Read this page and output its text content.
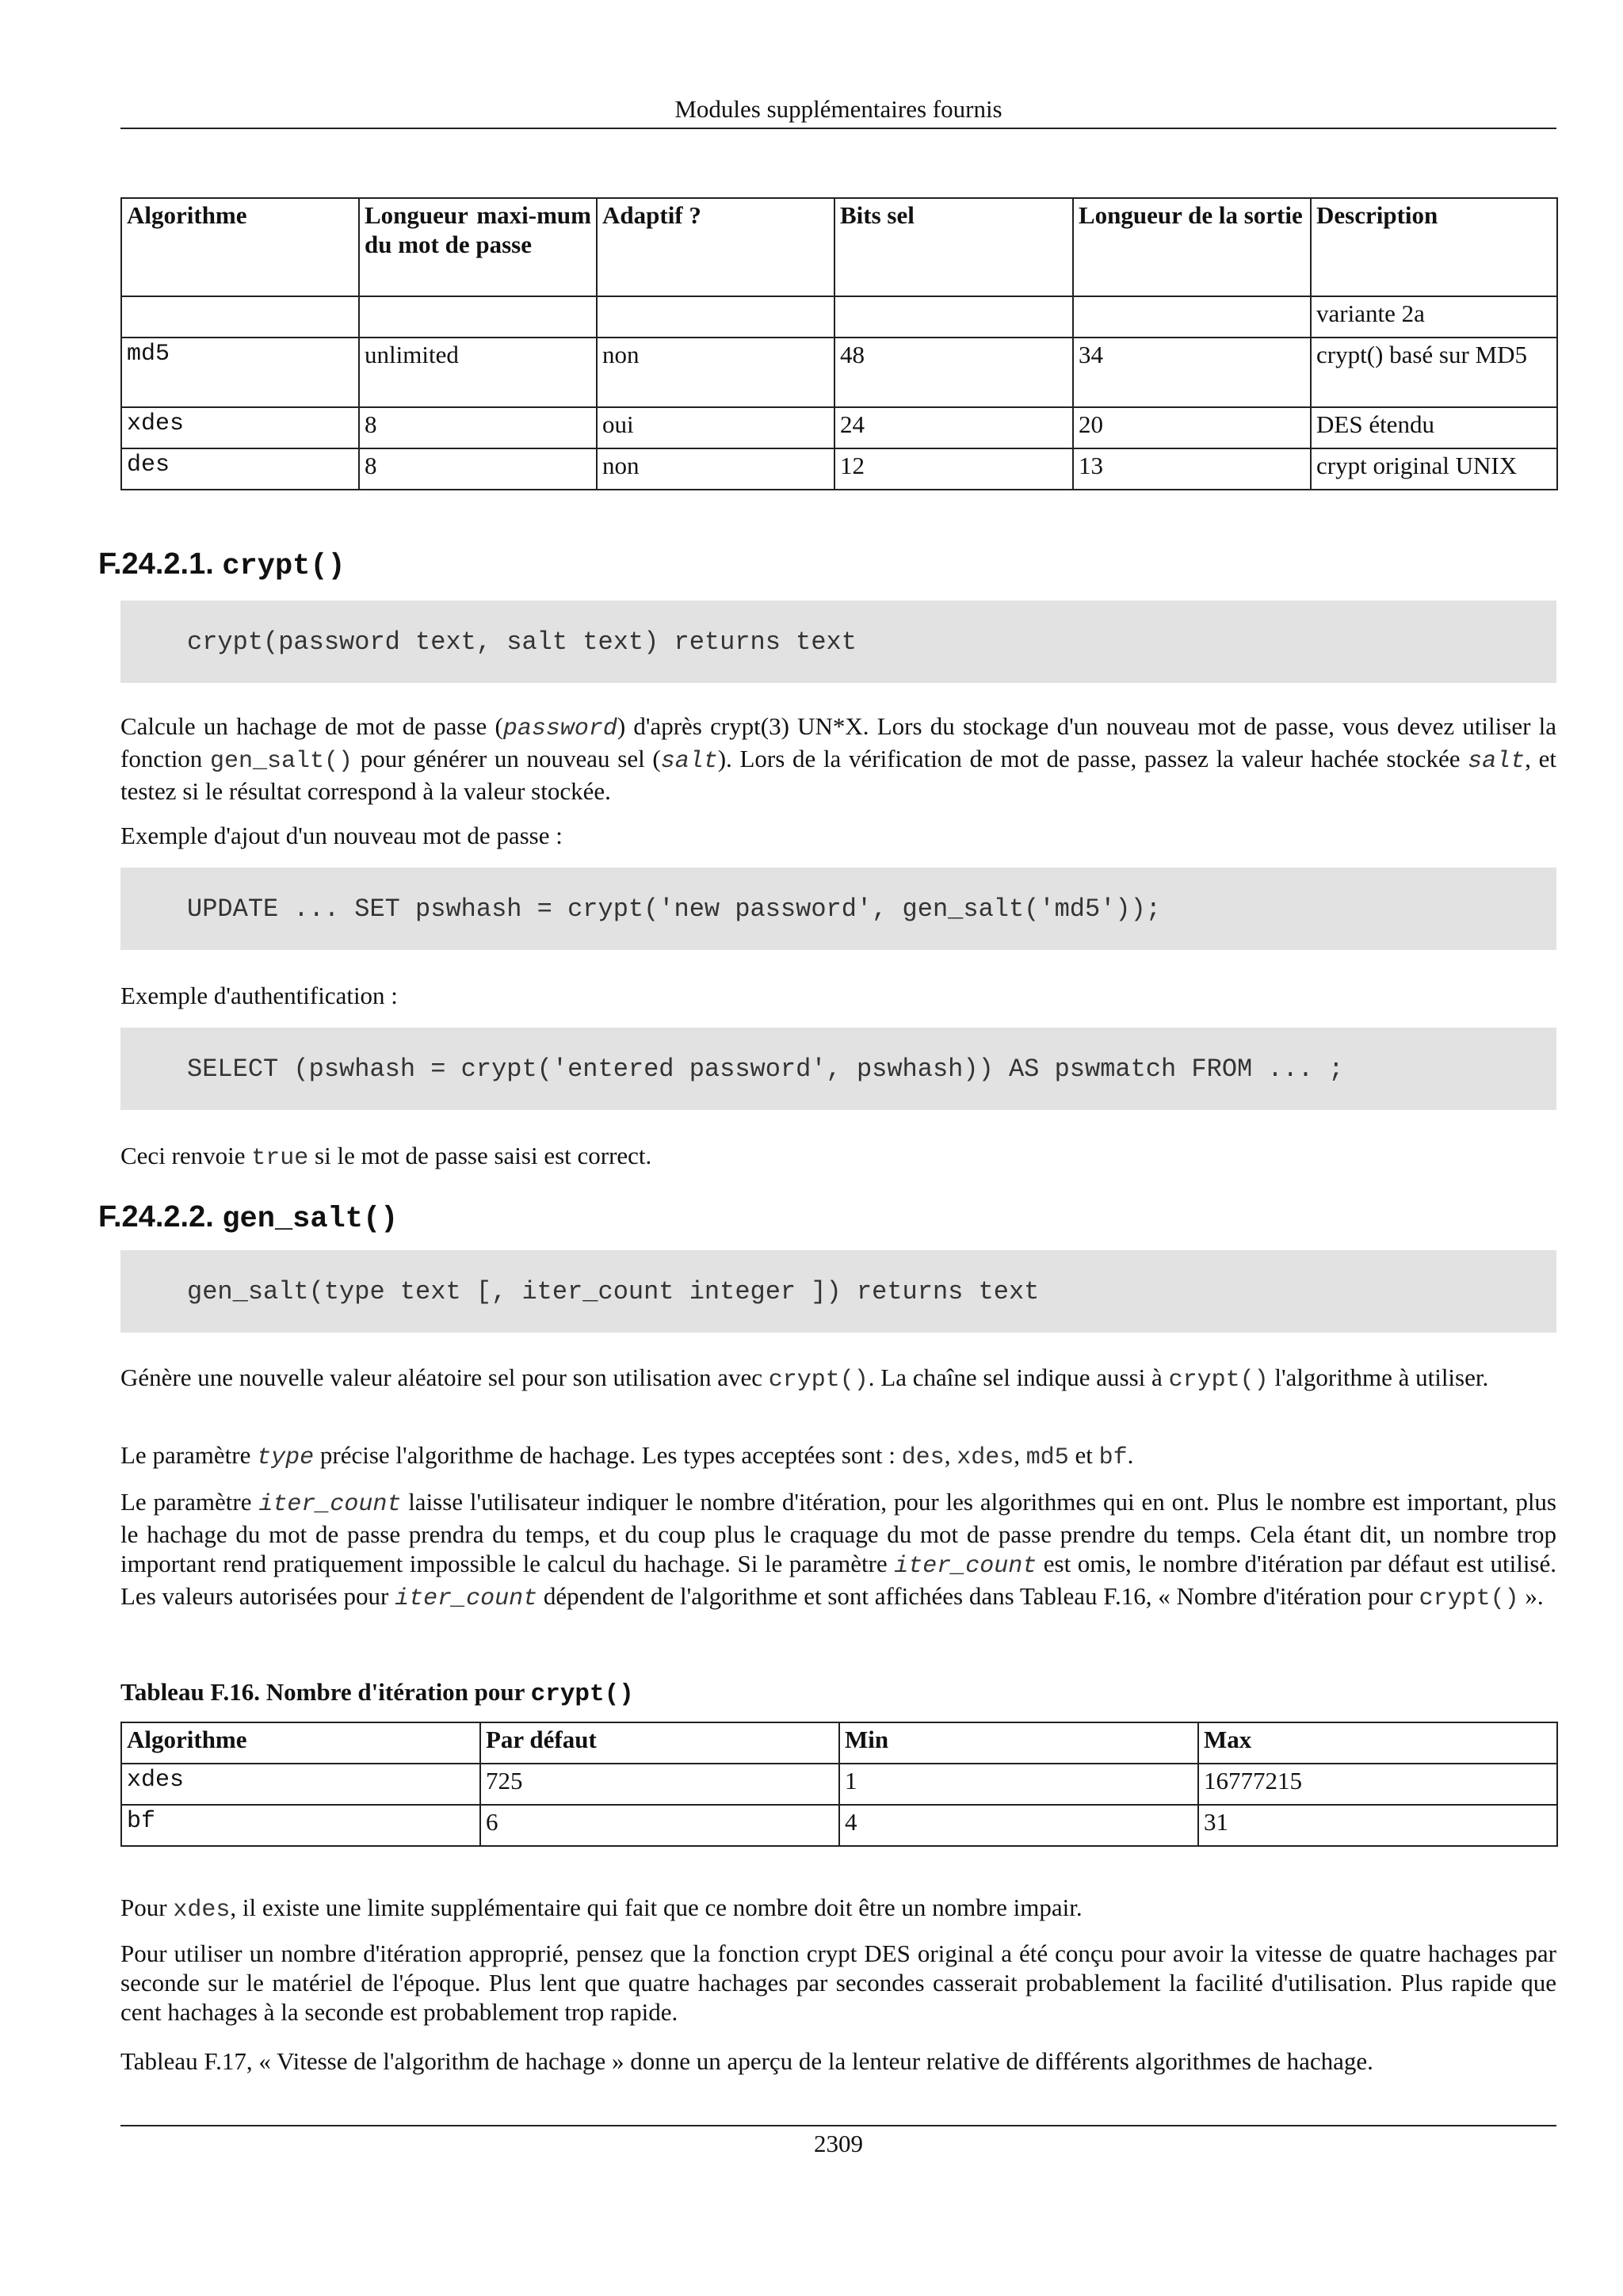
Modules supplémentaires fournis
Algorithme	Longueur maxi-mum du mot de passe	Adaptif ?	Bits sel	Longueur de la sortie	Description
					variante 2a
md5	unlimited	non	48	34	crypt() basé sur MD5
xdes	8	oui	24	20	DES étendu
des	8	non	12	13	crypt original UNIX
F.24.2.1. crypt()
crypt(password text, salt text) returns text
Calcule un hachage de mot de passe (password) d'après crypt(3) UN*X. Lors du stockage d'un nouveau mot de passe, vous devez utiliser la fonction gen_salt() pour générer un nouveau sel (salt). Lors de la vérification de mot de passe, passez la valeur hachée stockée salt, et testez si le résultat correspond à la valeur stockée.
Exemple d'ajout d'un nouveau mot de passe :
UPDATE ... SET pswhash = crypt('new password', gen_salt('md5'));
Exemple d'authentification :
SELECT (pswhash = crypt('entered password', pswhash)) AS pswmatch FROM ... ;
Ceci renvoie true si le mot de passe saisi est correct.
F.24.2.2. gen_salt()
gen_salt(type text [, iter_count integer ]) returns text
Génère une nouvelle valeur aléatoire sel pour son utilisation avec crypt(). La chaîne sel indique aussi à crypt() l'algorithme à utiliser.
Le paramètre type précise l'algorithme de hachage. Les types acceptées sont : des, xdes, md5 et bf.
Le paramètre iter_count laisse l'utilisateur indiquer le nombre d'itération, pour les algorithmes qui en ont. Plus le nombre est important, plus le hachage du mot de passe prendra du temps, et du coup plus le craquage du mot de passe prendre du temps. Cela étant dit, un nombre trop important rend pratiquement impossible le calcul du hachage. Si le paramètre iter_count est omis, le nombre d'itération par défaut est utilisé. Les valeurs autorisées pour iter_count dépendent de l'algorithme et sont affichées dans Tableau F.16, « Nombre d'itération pour crypt() ».
Tableau F.16. Nombre d'itération pour crypt()
Algorithme	Par défaut	Min	Max
xdes	725	1	16777215
bf	6	4	31
Pour xdes, il existe une limite supplémentaire qui fait que ce nombre doit être un nombre impair.
Pour utiliser un nombre d'itération approprié, pensez que la fonction crypt DES original a été conçu pour avoir la vitesse de quatre hachages par seconde sur le matériel de l'époque. Plus lent que quatre hachages par secondes casserait probablement la facilité d'utilisation. Plus rapide que cent hachages à la seconde est probablement trop rapide.
Tableau F.17, « Vitesse de l'algorithm de hachage » donne un aperçu de la lenteur relative de différents algorithmes de hachage.
2309
